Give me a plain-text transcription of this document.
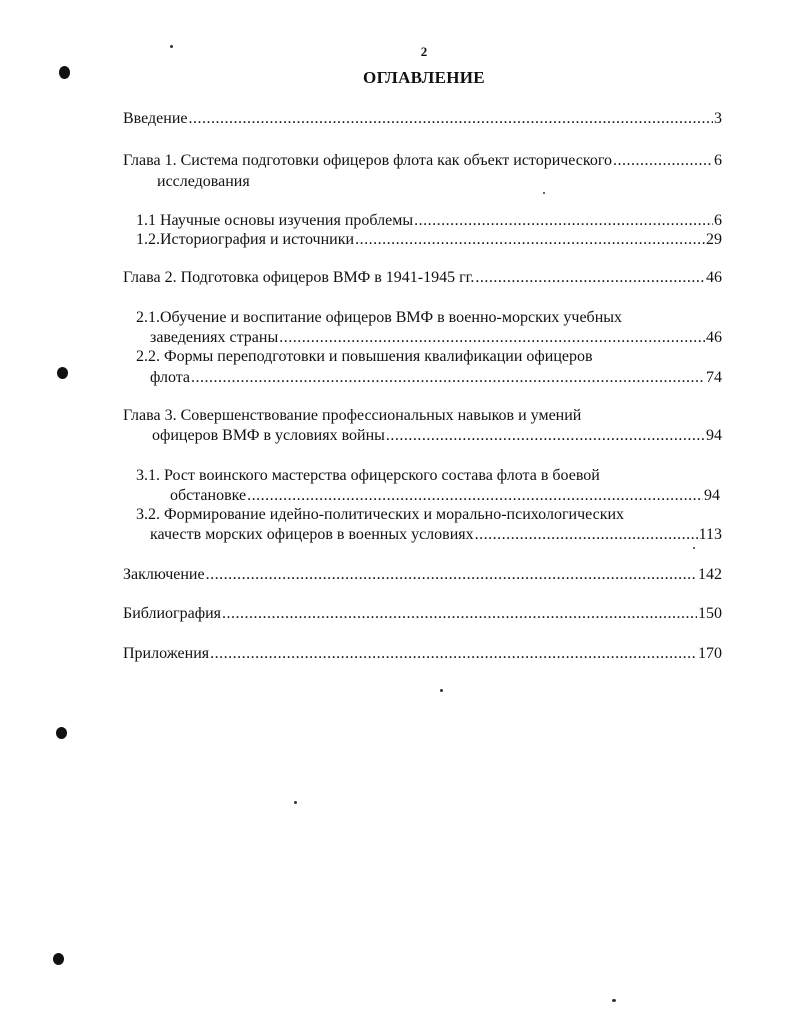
2
ОГЛАВЛЕНИЕ
Введение .....	3
Глава 1. Система подготовки офицеров флота как объект исторического .....	6
исследования
1.1 Научные основы изучения проблемы .....	6
1.2.Историография и источники .....	29
Глава 2. Подготовка офицеров ВМФ в 1941-1945 гг. .....	46
2.1.Обучение и воспитание офицеров ВМФ в военно-морских учебных
заведениях страны .....	46
2.2. Формы переподготовки и повышения квалификации офицеров
флота .....	74
Глава 3. Совершенствование профессиональных навыков и умений
офицеров ВМФ в условиях войны .....	94
3.1. Рост воинского мастерства офицерского состава флота в боевой
обстановке .....	94
3.2. Формирование идейно-политических и морально-психологических
качеств морских офицеров в военных условиях .....	113
Заключение .....	142
Библиография .....	150
Приложения .....	170
